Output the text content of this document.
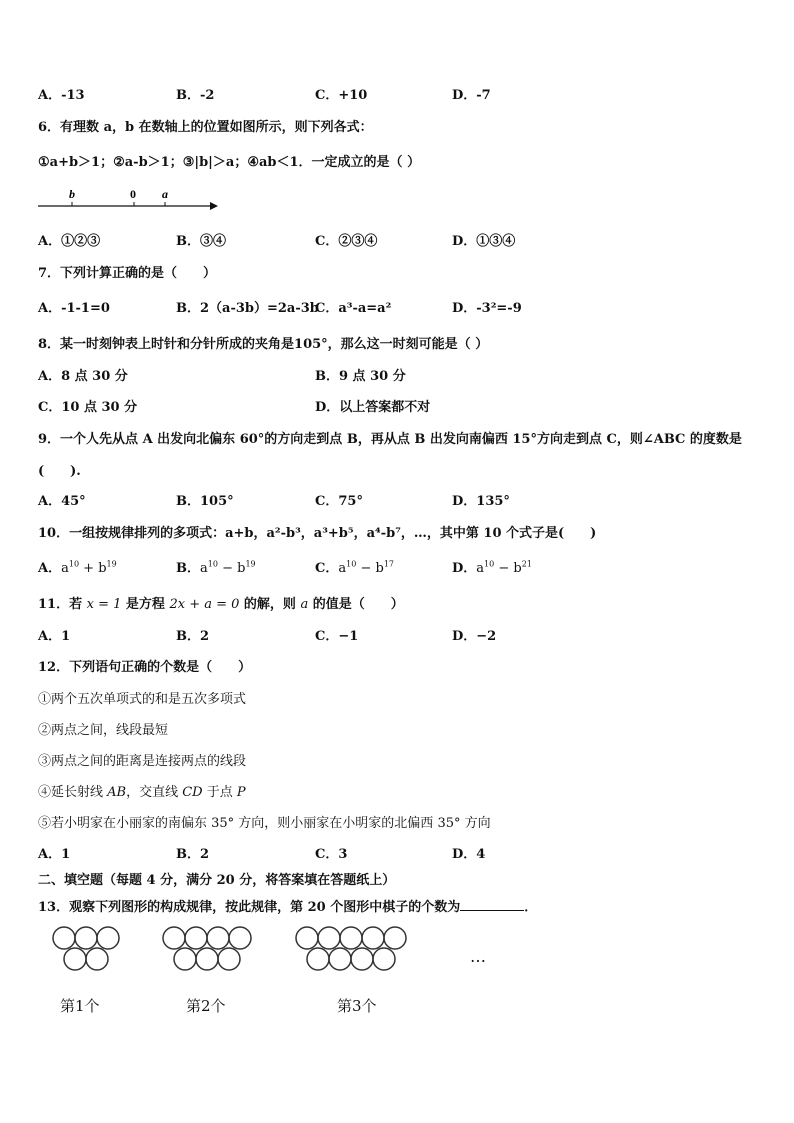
A．-13	B．-2	C．+10	D．-7
6．有理数 a，b 在数轴上的位置如图所示，则下列各式：
①a+b＞1；②a-b＞1；③|b|＞a；④ab＜1．一定成立的是（ ）
b	0 a
A．①②③	B．③④	C．②③④	D．①③④
7．下列计算正确的是（　　）
A．-1-1=0	B．2（a-3b）=2a-3b
C．a³-a=a²	D．-3²=-9
8．某一时刻钟表上时针和分针所成的夹角是105°，那么这一时刻可能是（ ）
A．8 点 30 分	B．9 点 30 分
C．10 点 30 分	D．以上答案都不对
9．一个人先从点 A 出发向北偏东 60°的方向走到点 B，再从点 B 出发向南偏西 15°方向走到点 C，则∠ABC 的度数是
(　　).
A．45°	B．105°	C．75°	D．135°
10．一组按规律排列的多项式：a+b，a²-b³，a³+b⁵，a⁴-b⁷，…，其中第 10 个式子是(　　)
A．$a^{10} + b^{19}$	B．$a^{10} - b^{19}$	C．$a^{10} - b^{17}$	D．$a^{10} - b^{21}$
11．若 x = 1 是方程 2x + a = 0 的解，则 a 的值是（　　）
A．1	B．2	C．−1	D．−2
12．下列语句正确的个数是（　　）
①两个五次单项式的和是五次多项式
②两点之间，线段最短
③两点之间的距离是连接两点的线段
④延长射线 AB，交直线 CD 于点 P
⑤若小明家在小丽家的南偏东 35° 方向，则小丽家在小明家的北偏西 35° 方向
A．1	B．2	C．3	D．4
二、填空题（每题 4 分，满分 20 分，将答案填在答题纸上）
13．观察下列图形的构成规律，按此规律，第 20 个图形中棋子的个数为	．
…
第1个	第2个	第3个
